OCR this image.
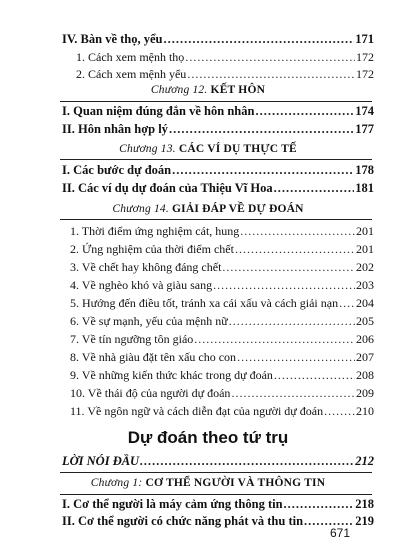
IV. Bàn về thọ, yểu .....	171
1. Cách xem mệnh thọ .....	172
2. Cách xem mệnh yểu .....	172
Chương 12. KẾT HÔN
I. Quan niệm đúng đắn về hôn nhân .....	174
II. Hôn nhân hợp lý .....	177
Chương 13. CÁC VÍ DỤ THỰC TẾ
I. Các bước dự đoán .....	178
II. Các ví dụ dự đoán của Thiệu Vĩ Hoa .....	181
Chương 14. GIẢI ĐÁP VỀ DỰ ĐOÁN
1. Thời điểm ứng nghiệm cát, hung .....	201
2. Ứng nghiệm của thời điểm chết .....	201
3. Về chết hay không đáng chết .....	202
4. Về nghèo khó và giàu sang .....	203
5. Hướng đến điều tốt, tránh xa cái xấu và cách giải nạn ..... 204
6. Về sự mạnh, yếu của mệnh nữ .....	205
7. Về tín ngưỡng tôn giáo .....	206
8. Về nhà giàu đặt tên xấu cho con .....	207
9. Về những kiến thức khác trong dự đoán .....	208
10. Về thái độ của người dự đoán .....	209
11. Về ngôn ngữ và cách diễn đạt của người dự đoán .....	210
Dự đoán theo tứ trụ
LỜI NÓI ĐẦU .....	212
Chương 1: CƠ THỂ NGƯỜI VÀ THÔNG TIN
I. Cơ thể người là máy cảm ứng thông tin .....	218
II. Cơ thể người có chức năng phát và thu tin .....	219
671
